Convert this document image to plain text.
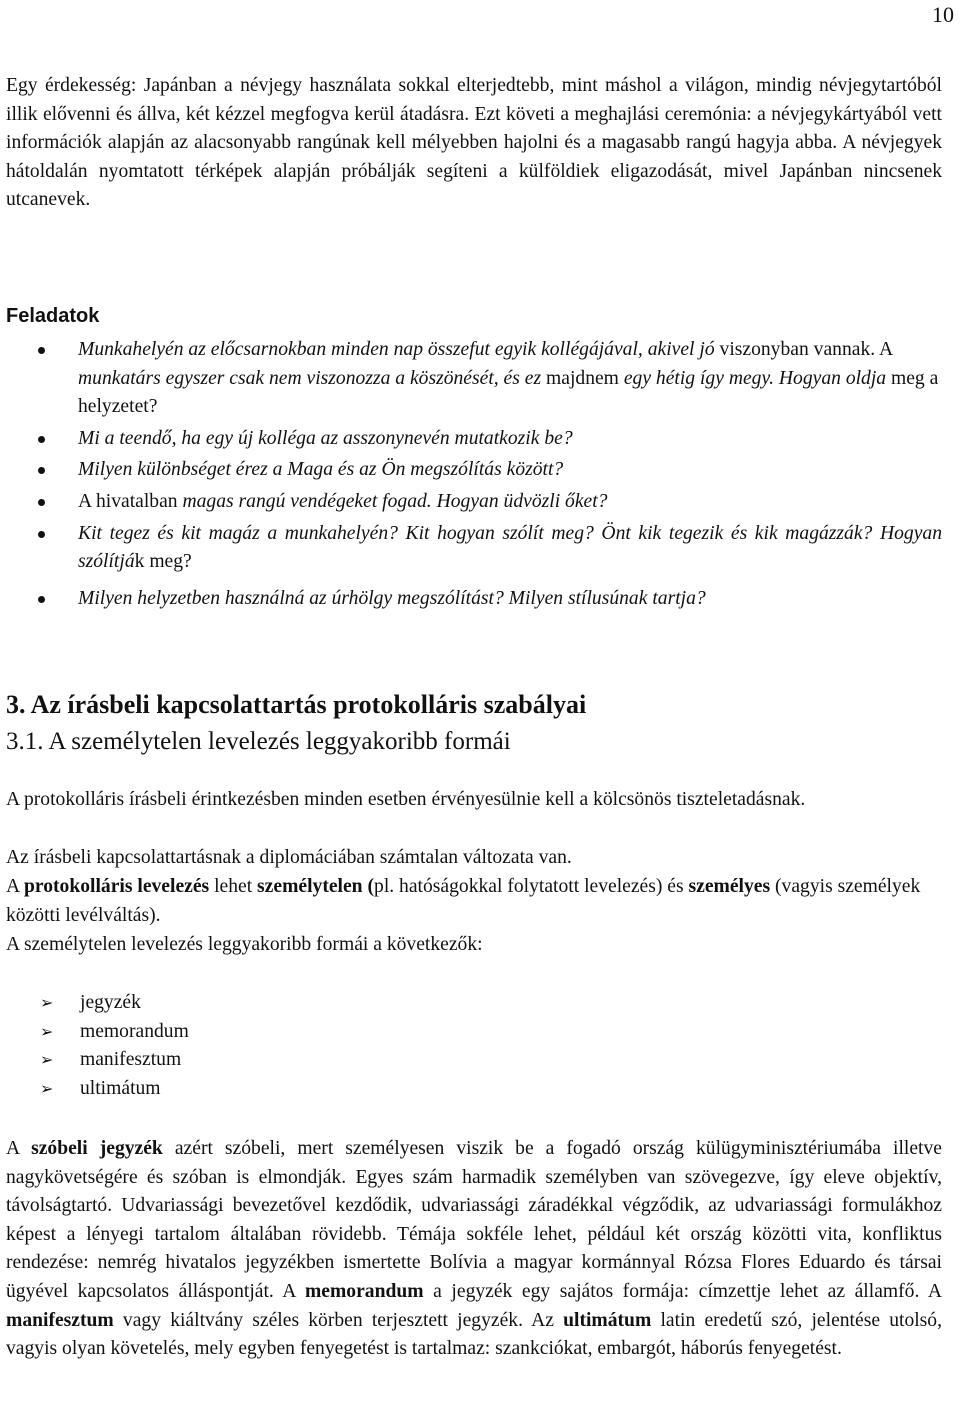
10
Egy érdekesség: Japánban a névjegy használata sokkal elterjedtebb, mint máshol a világon, mindig névjegytartóból illik elővenni és állva, két kézzel megfogva kerül átadásra. Ezt követi a meghajlási ceremónia: a névjegykártyából vett információk alapján az alacsonyabb rangúnak kell mélyebben hajolni és a magasabb rangú hagyja abba. A névjegyek hátoldalán nyomtatott térképek alapján próbálják segíteni a külföldiek eligazodását, mivel Japánban nincsenek utcanevek.
Feladatok
Munkahelyén az előcsarnokban minden nap összefut egyik kollégájával, akivel jó viszonyban vannak. A munkatárs egyszer csak nem viszonozza a köszönését, és ez majdnem egy hétig így megy. Hogyan oldja meg a helyzetet?
Mi a teendő, ha egy új kolléga az asszonynevén mutatkozik be?
Milyen különbséget érez a Maga és az Ön megszólítás között?
A hivatalban magas rangú vendégeket fogad. Hogyan üdvözli őket?
Kit tegez és kit magáz a munkahelyén? Kit hogyan szólít meg? Önt kik tegezik és kik magázzák? Hogyan szólítják meg?
Milyen helyzetben használná az úrhölgy megszólítást? Milyen stílusúnak tartja?
3. Az írásbeli kapcsolattartás protokolláris szabályai
3.1. A személytelen levelezés leggyakoribb formái
A protokolláris írásbeli érintkezésben minden esetben érvényesülnie kell a kölcsönös tiszteletadásnak.
Az írásbeli kapcsolattartásnak a diplomáciában számtalan változata van.
A protokolláris levelezés lehet személytelen (pl. hatóságokkal folytatott levelezés) és személyes (vagyis személyek közötti levélváltás).
A személytelen levelezés leggyakoribb formái a következők:
➢ jegyzék
➢ memorandum
➢ manifesztum
➢ ultimátum
A szóbeli jegyzék azért szóbeli, mert személyesen viszik be a fogadó ország külügyminisztériumába illetve nagykövetségére és szóban is elmondják. Egyes szám harmadik személyben van szövegezve, így eleve objektív, távolságtartó. Udvariassági bevezetővel kezdődik, udvariassági záradékkal végződik, az udvariassági formulákhoz képest a lényegi tartalom általában rövidebb. Témája sokféle lehet, például két ország közötti vita, konfliktus rendezése: nemrég hivatalos jegyzékben ismertette Bolívia a magyar kormánnyal Rózsa Flores Eduardo és társai ügyével kapcsolatos álláspontját. A memorandum a jegyzék egy sajátos formája: címzettje lehet az államfő. A manifesztum vagy kiáltvány széles körben terjesztett jegyzék. Az ultimátum latin eredetű szó, jelentése utolsó, vagyis olyan követelés, mely egyben fenyegetést is tartalmaz: szankciókat, embargót, háborús fenyegetést.
